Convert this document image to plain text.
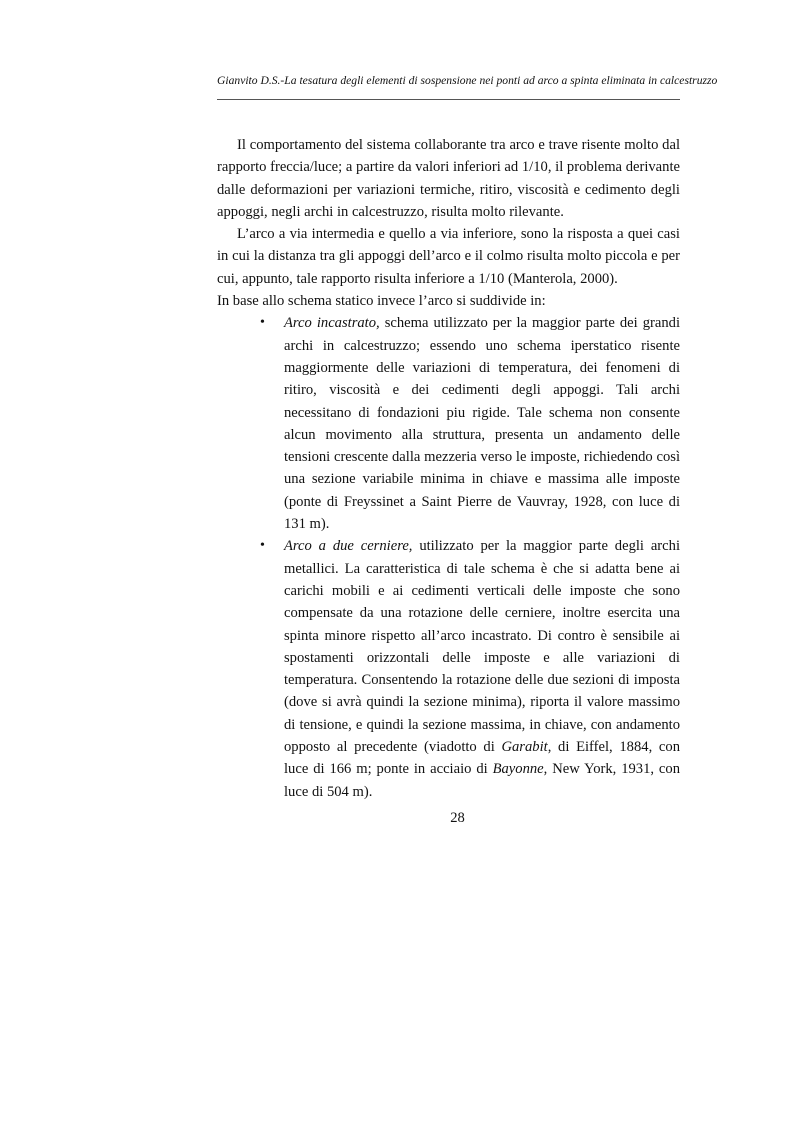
Gianvito D.S.-La tesatura degli elementi di sospensione nei ponti ad arco a spinta eliminata in calcestruzzo

Il comportamento del sistema collaborante tra arco e trave risente molto dal rapporto freccia/luce; a partire da valori inferiori ad 1/10, il problema derivante dalle deformazioni per variazioni termiche, ritiro, viscosità e cedimento degli appoggi, negli archi in calcestruzzo, risulta molto rilevante.

L’arco a via intermedia e quello a via inferiore, sono la risposta a quei casi in cui la distanza tra gli appoggi dell’arco e il colmo risulta molto piccola e per cui, appunto, tale rapporto risulta inferiore a 1/10 (Manterola, 2000).

In base allo schema statico invece l’arco si suddivide in:

• Arco incastrato, schema utilizzato per la maggior parte dei grandi archi in calcestruzzo; essendo uno schema iperstatico risente maggiormente delle variazioni di temperatura, dei fenomeni di ritiro, viscosità e dei cedimenti degli appoggi. Tali archi necessitano di fondazioni piu rigide. Tale schema non consente alcun movimento alla struttura, presenta un andamento delle tensioni crescente dalla mezzeria verso le imposte, richiedendo così una sezione variabile minima in chiave e massima alle imposte (ponte di Freyssinet a Saint Pierre de Vauvray, 1928, con luce di 131 m).
• Arco a due cerniere, utilizzato per la maggior parte degli archi metallici. La caratteristica di tale schema è che si adatta bene ai carichi mobili e ai cedimenti verticali delle imposte che sono compensate da una rotazione delle cerniere, inoltre esercita una spinta minore rispetto all’arco incastrato. Di contro è sensibile ai spostamenti orizzontali delle imposte e alle variazioni di temperatura. Consentendo la rotazione delle due sezioni di imposta (dove si avrà quindi la sezione minima), riporta il valore massimo di tensione, e quindi la sezione massima, in chiave, con andamento opposto al precedente (viadotto di Garabit, di Eiffel, 1884, con luce di 166 m; ponte in acciaio di Bayonne, New York, 1931, con luce di 504 m).
28
